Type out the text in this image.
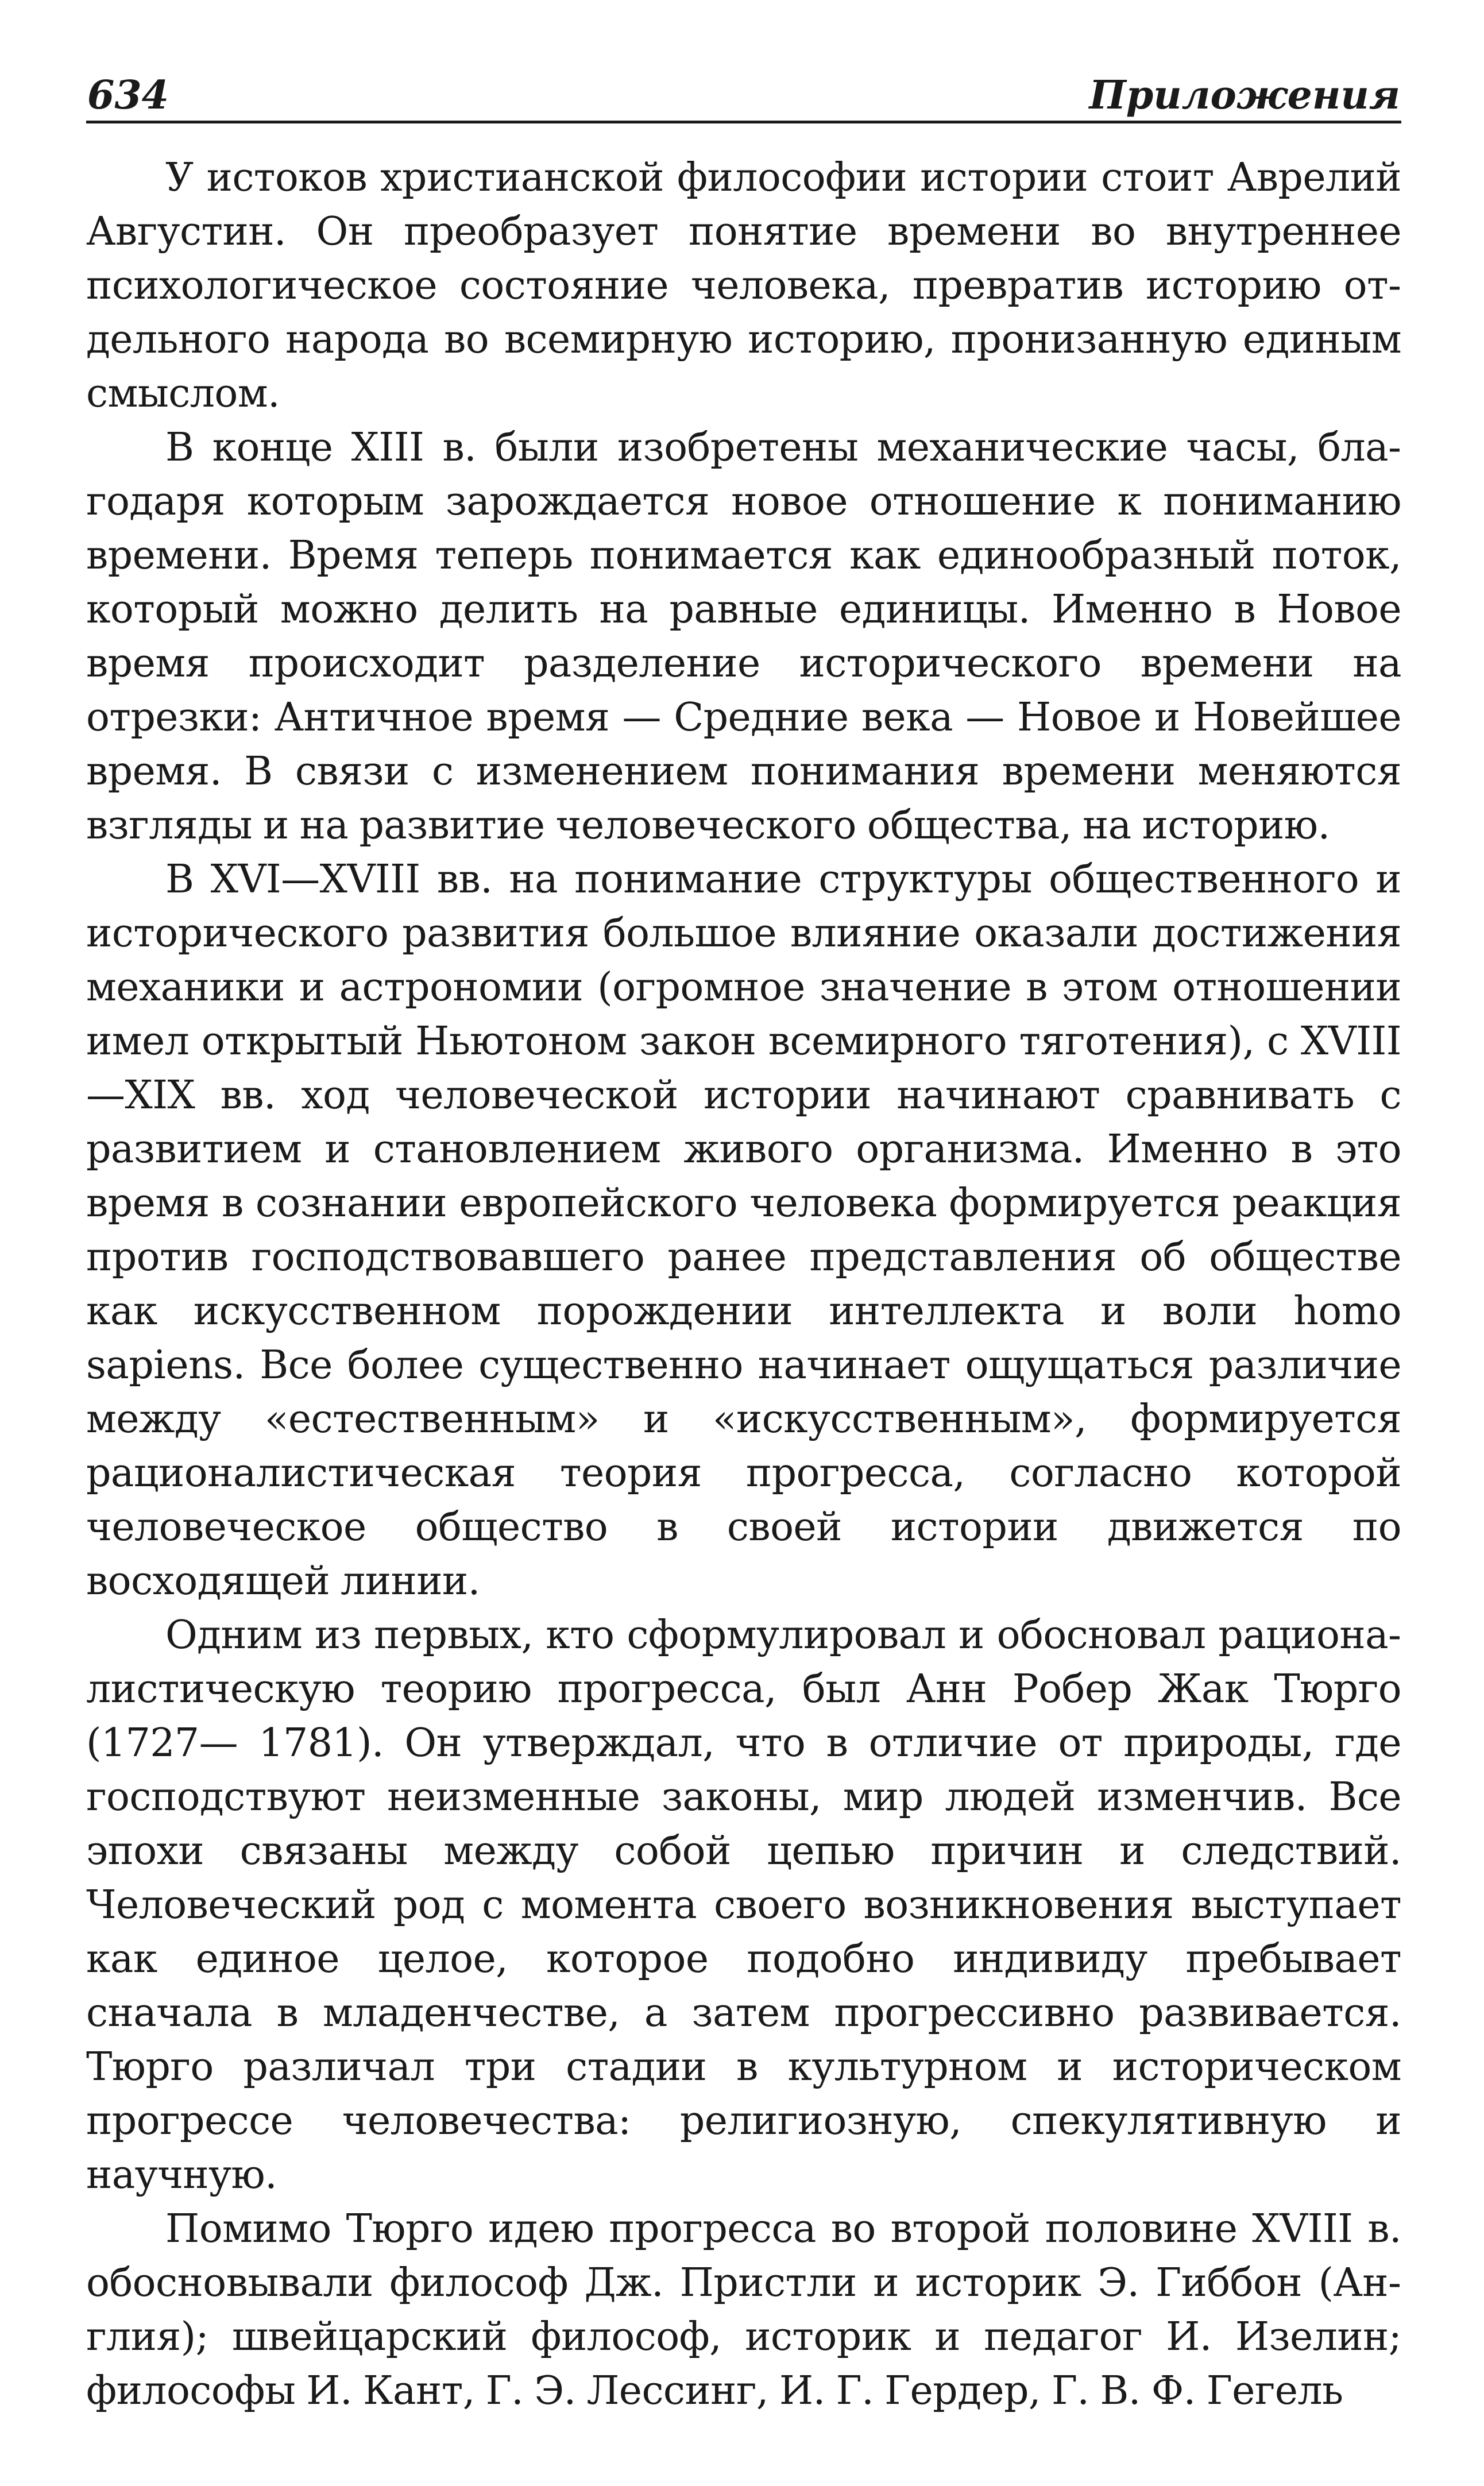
634	Приложения

У истоков христианской философии истории стоит Аврелий Августин. Он преобразует понятие времени во внутреннее психологическое состояние человека, превратив историю отдельного народа во всемирную историю, пронизанную единым смыслом.

В конце XIII в. были изобретены механические часы, благодаря которым зарождается новое отношение к пониманию времени. Время теперь понимается как единообразный поток, который можно делить на равные единицы. Именно в Новое время происходит разделение исторического времени на отрезки: Античное время — Средние века — Новое и Новейшее время. В связи с изменением понимания времени меняются взгляды и на развитие человеческого общества, на историю.

В XVI—XVIII вв. на понимание структуры общественного и исторического развития большое влияние оказали достижения механики и астрономии (огромное значение в этом отношении имел открытый Ньютоном закон всемирного тяготения), с XVIII—XIX вв. ход человеческой истории начинают сравнивать с развитием и становлением живого организма. Именно в это время в сознании европейского человека формируется реакция против господствовавшего ранее представления об обществе как искусственном порождении интеллекта и воли homo sapiens. Все более существенно начинает ощущаться различие между «естественным» и «искусственным», формируется рационалистическая теория прогресса, согласно которой человеческое общество в своей истории движется по восходящей линии.

Одним из первых, кто сформулировал и обосновал рационалистическую теорию прогресса, был Анн Робер Жак Тюрго (1727— 1781). Он утверждал, что в отличие от природы, где господствуют неизменные законы, мир людей изменчив. Все эпохи связаны между собой цепью причин и следствий. Человеческий род с момента своего возникновения выступает как единое целое, которое подобно индивиду пребывает сначала в младенчестве, а затем прогрессивно развивается. Тюрго различал три стадии в культурном и историческом прогрессе человечества: религиозную, спекулятивную и научную.

Помимо Тюрго идею прогресса во второй половине XVIII в. обосновывали философ Дж. Пристли и историк Э. Гиббон (Англия); швейцарский философ, историк и педагог И. Изелин; философы И. Кант, Г. Э. Лессинг, И. Г. Гердер, Г. В. Ф. Гегель
